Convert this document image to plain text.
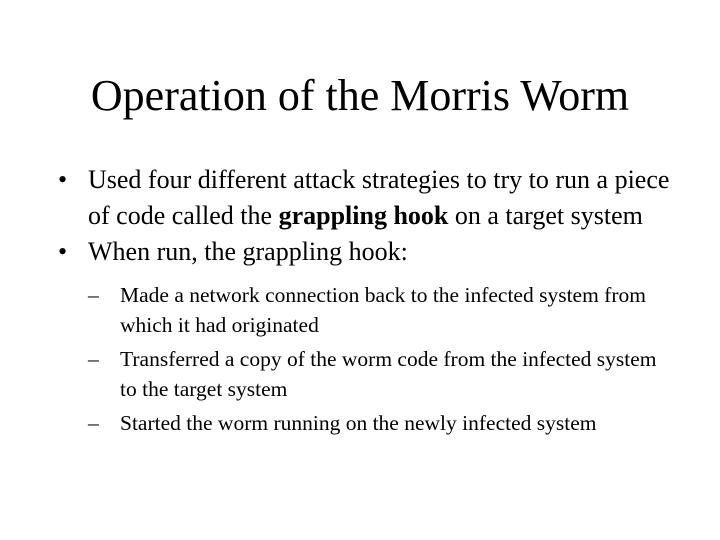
Operation of the Morris Worm
• Used four different attack strategies to try to run a piece of code called the grappling hook on a target system
• When run, the grappling hook:
– Made a network connection back to the infected system from which it had originated
– Transferred a copy of the worm code from the infected system to the target system
– Started the worm running on the newly infected system
